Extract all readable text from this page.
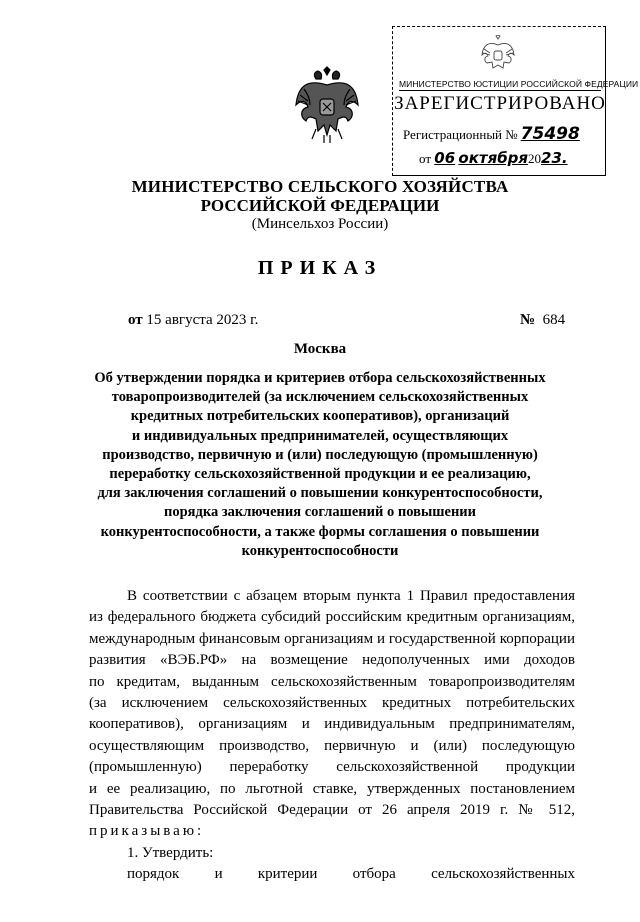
МИНИСТЕРСТВО ЮСТИЦИИ РОССИЙСКОЙ ФЕДЕРАЦИИ
ЗАРЕГИСТРИРОВАНО
Регистрационный № 75498
от 06 октября2023.
МИНИСТЕРСТВО СЕЛЬСКОГО ХОЗЯЙСТВА
РОССИЙСКОЙ ФЕДЕРАЦИИ
(Минсельхоз России)
ПРИКАЗ
от 15 августа 2023 г.	№ 684
Москва
Об утверждении порядка и критериев отбора сельскохозяйственных
товаропроизводителей (за исключением сельскохозяйственных
кредитных потребительских кооперативов), организаций
и индивидуальных предпринимателей, осуществляющих
производство, первичную и (или) последующую (промышленную)
переработку сельскохозяйственной продукции и ее реализацию,
для заключения соглашений о повышении конкурентоспособности,
порядка заключения соглашений о повышении
конкурентоспособности, а также формы соглашения о повышении
конкурентоспособности
В соответствии с абзацем вторым пункта 1 Правил предоставления
из федерального бюджета субсидий российским кредитным организациям,
международным финансовым организациям и государственной корпорации
развития «ВЭБ.РФ» на возмещение недополученных ими доходов
по кредитам, выданным сельскохозяйственным товаропроизводителям
(за исключением сельскохозяйственных кредитных потребительских
кооперативов), организациям и индивидуальным предпринимателям,
осуществляющим производство, первичную и (или) последующую
(промышленную) переработку сельскохозяйственной продукции
и ее реализацию, по льготной ставке, утвержденных постановлением
Правительства Российской Федерации от 26 апреля 2019 г. № 512,
приказываю:
1. Утвердить:
порядок и критерии отбора сельскохозяйственных
